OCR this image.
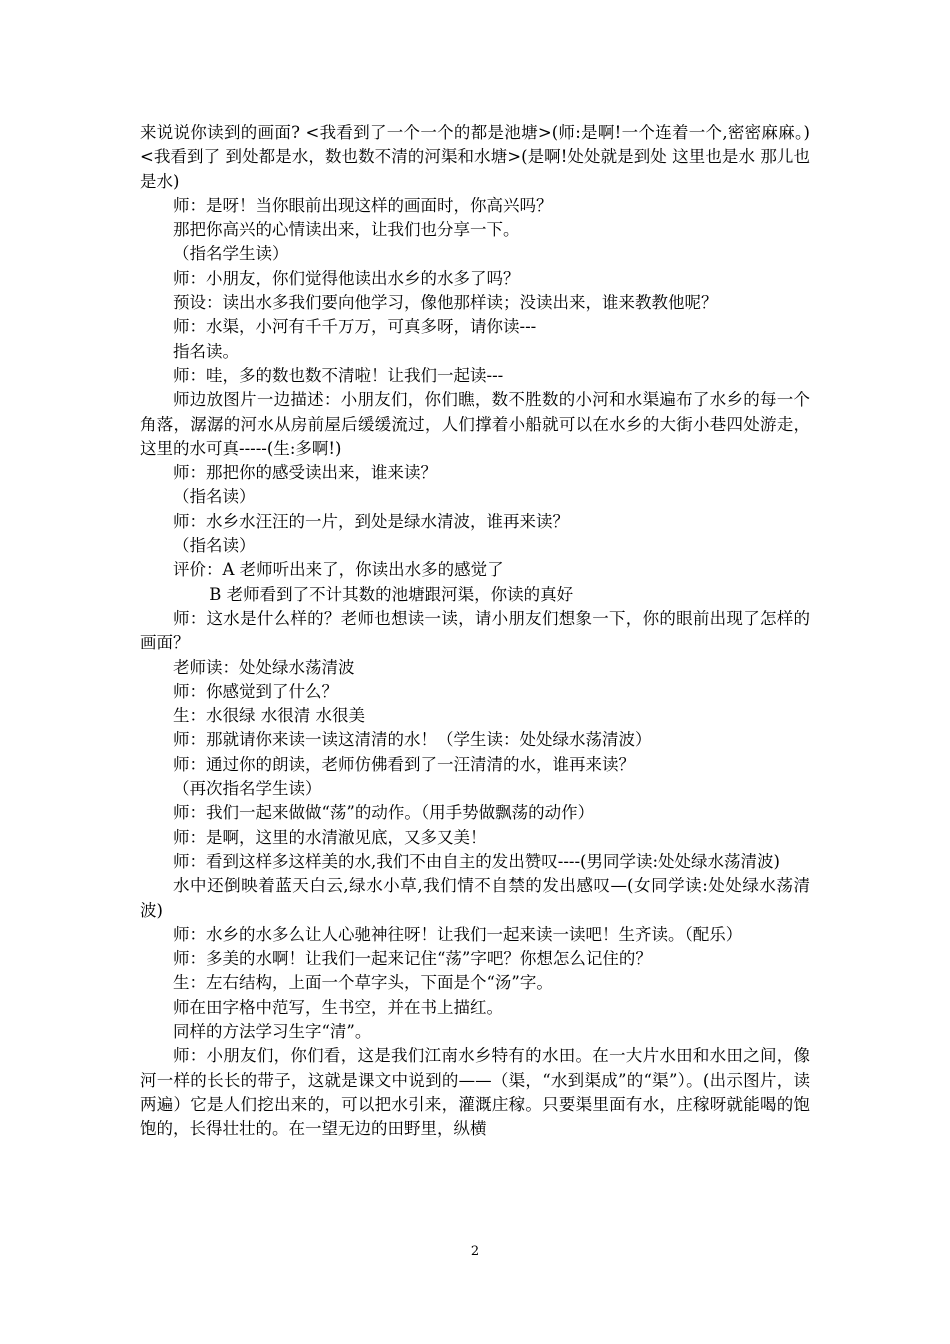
来说说你读到的画面? <我看到了一个一个的都是池塘>(师:是啊!一个连着一个,密密麻麻。) <我看到了 到处都是水，数也数不清的河渠和水塘>(是啊!处处就是到处 这里也是水 那儿也是水)

师：是呀！当你眼前出现这样的画面时，你高兴吗？

那把你高兴的心情读出来，让我们也分享一下。

（指名学生读）

师：小朋友，你们觉得他读出水乡的水多了吗？

预设：读出水多我们要向他学习，像他那样读；没读出来，谁来教教他呢？

师：水渠，小河有千千万万，可真多呀，请你读---

指名读。

师：哇，多的数也数不清啦！让我们一起读---

师边放图片一边描述：小朋友们，你们瞧，数不胜数的小河和水渠遍布了水乡的每一个角落，潺潺的河水从房前屋后缓缓流过，人们撑着小船就可以在水乡的大街小巷四处游走，这里的水可真-----(生:多啊!)

师：那把你的感受读出来，谁来读？

（指名读）

师：水乡水汪汪的一片，到处是绿水清波，谁再来读？

（指名读）

评价：A 老师听出来了，你读出水多的感觉了

B 老师看到了不计其数的池塘跟河渠，你读的真好

师：这水是什么样的？老师也想读一读，请小朋友们想象一下，你的眼前出现了怎样的画面？

老师读：处处绿水荡清波

师：你感觉到了什么？

生：水很绿 水很清 水很美

师：那就请你来读一读这清清的水！（学生读：处处绿水荡清波）

师：通过你的朗读，老师仿佛看到了一汪清清的水，谁再来读？

（再次指名学生读）

师：我们一起来做做“荡”的动作。（用手势做飘荡的动作）

师：是啊，这里的水清澈见底，又多又美！

师：看到这样多这样美的水,我们不由自主的发出赞叹----(男同学读:处处绿水荡清波)

水中还倒映着蓝天白云,绿水小草,我们情不自禁的发出感叹—(女同学读:处处绿水荡清波)

师：水乡的水多么让人心驰神往呀！让我们一起来读一读吧！生齐读。（配乐）

师：多美的水啊！让我们一起来记住“荡”字吧？你想怎么记住的？

生：左右结构，上面一个草字头，下面是个“汤”字。

师在田字格中范写，生书空，并在书上描红。

同样的方法学习生字“清”。

师：小朋友们，你们看，这是我们江南水乡特有的水田。在一大片水田和水田之间，像河一样的长长的带子，这就是课文中说到的——（渠，“水到渠成”的“渠”）。(出示图片，读两遍）它是人们挖出来的，可以把水引来，灌溉庄稼。只要渠里面有水，庄稼呀就能喝的饱饱的，长得壮壮的。在一望无边的田野里，纵横

2
